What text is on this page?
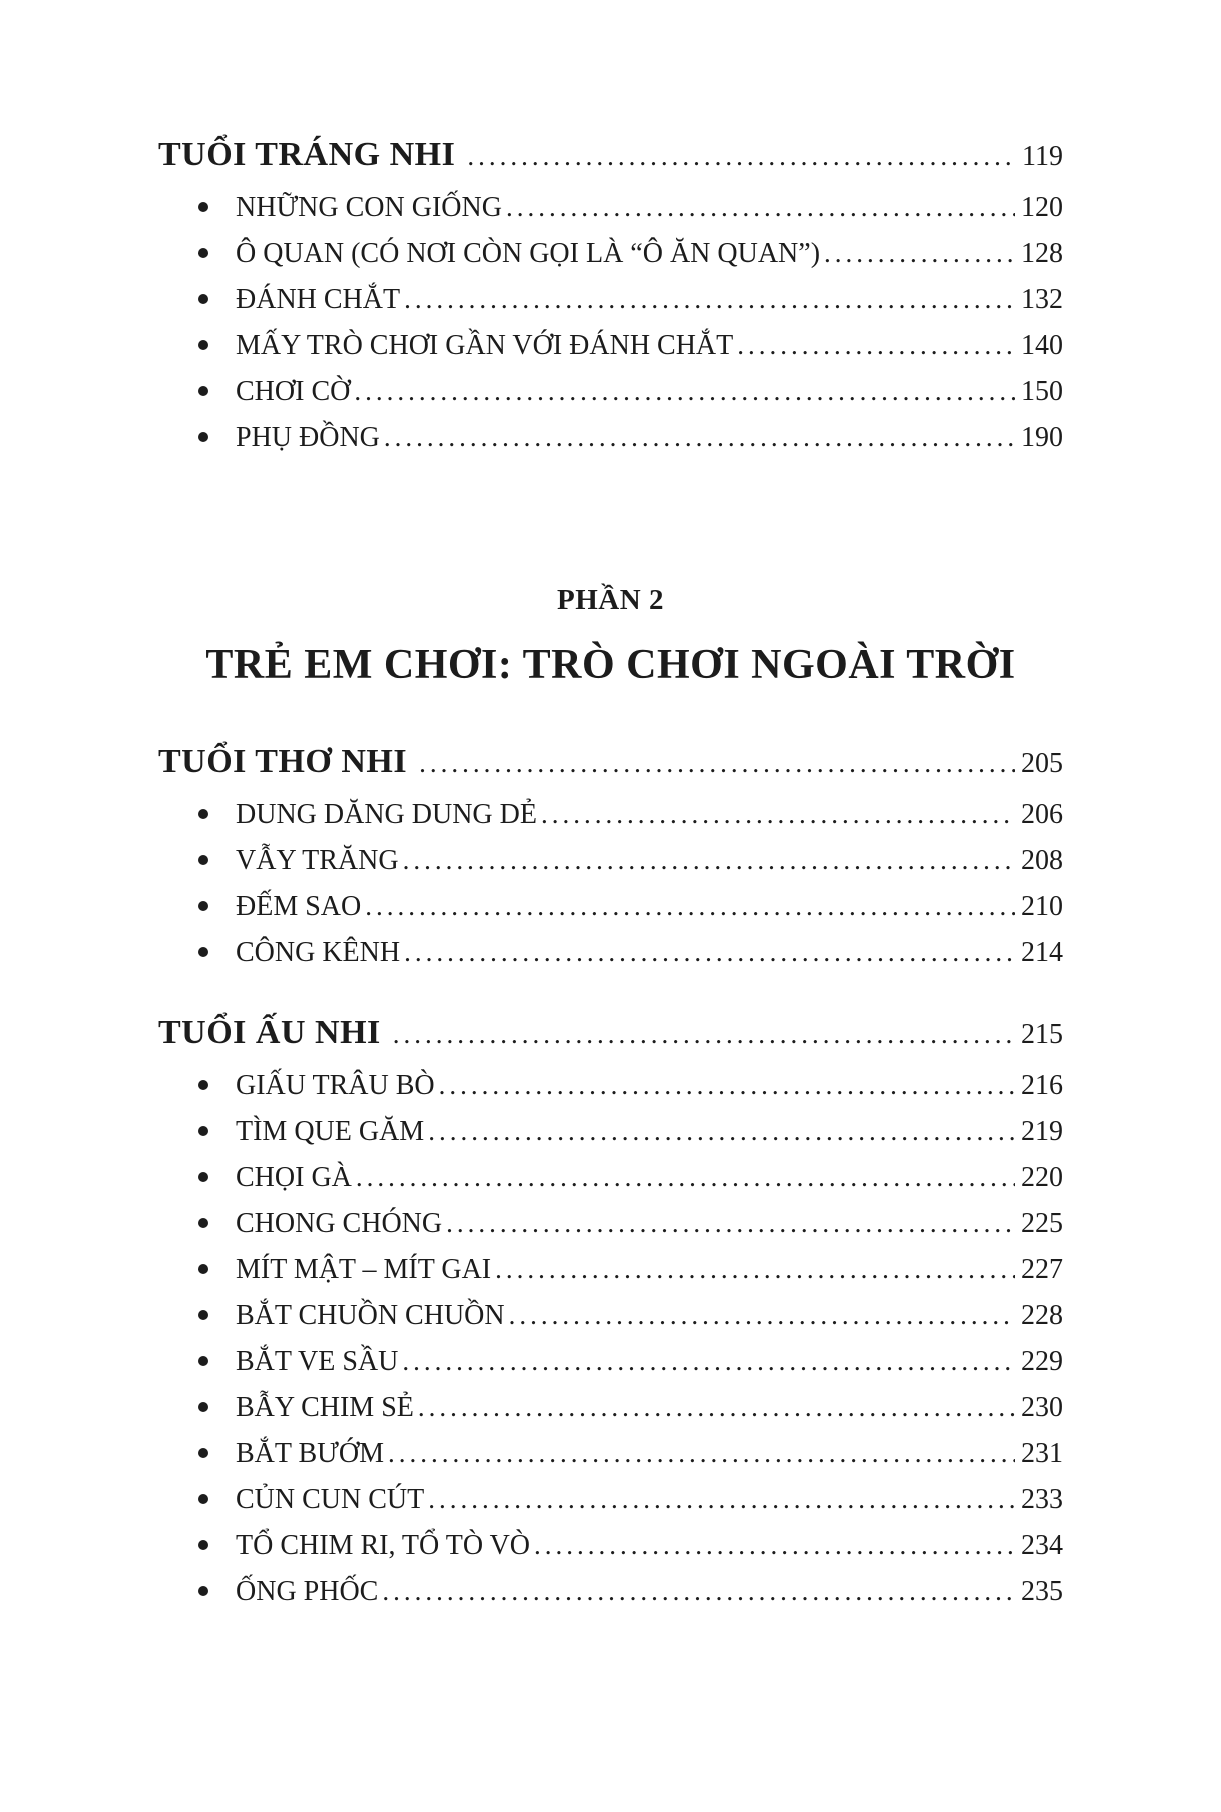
TUỔI TRÁNG NHI .....	119
NHỮNG CON GIỐNG .....	120
Ô QUAN (CÓ NƠI CÒN GỌI LÀ “Ô ĂN QUAN”) .....	128
ĐÁNH CHẮT .....	132
MẤY TRÒ CHƠI GẦN VỚI ĐÁNH CHẮT .....	140
CHƠI CỜ .....	150
PHỤ ĐỒNG .....	190
PHẦN 2
TRẺ EM CHƠI: TRÒ CHƠI NGOÀI TRỜI
TUỔI THƠ NHI .....	205
DUNG DĂNG DUNG DẺ .....	206
VẪY TRĂNG .....	208
ĐẾM SAO .....	210
CÔNG KÊNH .....	214
TUỔI ẤU NHI .....	215
GIẤU TRÂU BÒ .....	216
TÌM QUE GĂM .....	219
CHỌI GÀ .....	220
CHONG CHÓNG .....	225
MÍT MẬT – MÍT GAI .....	227
BẮT CHUỒN CHUỒN .....	228
BẮT VE SẦU .....	229
BẪY CHIM SẺ .....	230
BẮT BƯỚM .....	231
CỦN CUN CÚT .....	233
TỔ CHIM RI, TỔ TÒ VÒ .....	234
ỐNG PHỐC .....	235
